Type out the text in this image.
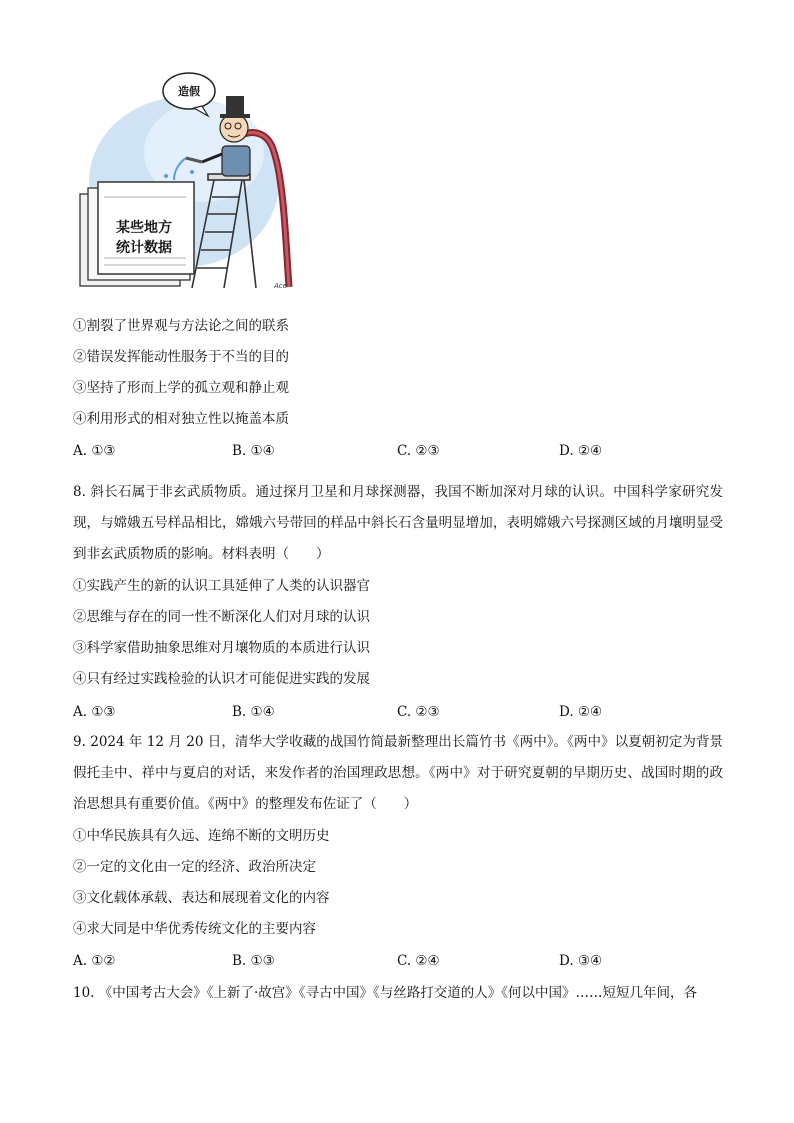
造假
某些地方
统计数据
Ace
①割裂了世界观与方法论之间的联系
②错误发挥能动性服务于不当的目的
③坚持了形而上学的孤立观和静止观
④利用形式的相对独立性以掩盖本质
A. ①③	B. ①④	C. ②③	D. ②④
8. 斜长石属于非玄武质物质。通过探月卫星和月球探测器，我国不断加深对月球的认识。中国科学家研究发现，与嫦娥五号样品相比，嫦娥六号带回的样品中斜长石含量明显增加，表明嫦娥六号探测区域的月壤明显受到非玄武质物质的影响。材料表明（　　）
①实践产生的新的认识工具延伸了人类的认识器官
②思维与存在的同一性不断深化人们对月球的认识
③科学家借助抽象思维对月壤物质的本质进行认识
④只有经过实践检验的认识才可能促进实践的发展
A. ①③	B. ①④	C. ②③	D. ②④
9. 2024 年 12 月 20 日，清华大学收藏的战国竹简最新整理出长篇竹书《两中》。《两中》以夏朝初定为背景假托圭中、祥中与夏启的对话，来发作者的治国理政思想。《两中》对于研究夏朝的早期历史、战国时期的政治思想具有重要价值。《两中》的整理发布佐证了（　　）
①中华民族具有久远、连绵不断的文明历史
②一定的文化由一定的经济、政治所决定
③文化载体承载、表达和展现着文化的内容
④求大同是中华优秀传统文化的主要内容
A. ①②	B. ①③	C. ②④	D. ③④
10. 《中国考古大会》《上新了·故宫》《寻古中国》《与丝路打交道的人》《何以中国》……短短几年间，各
